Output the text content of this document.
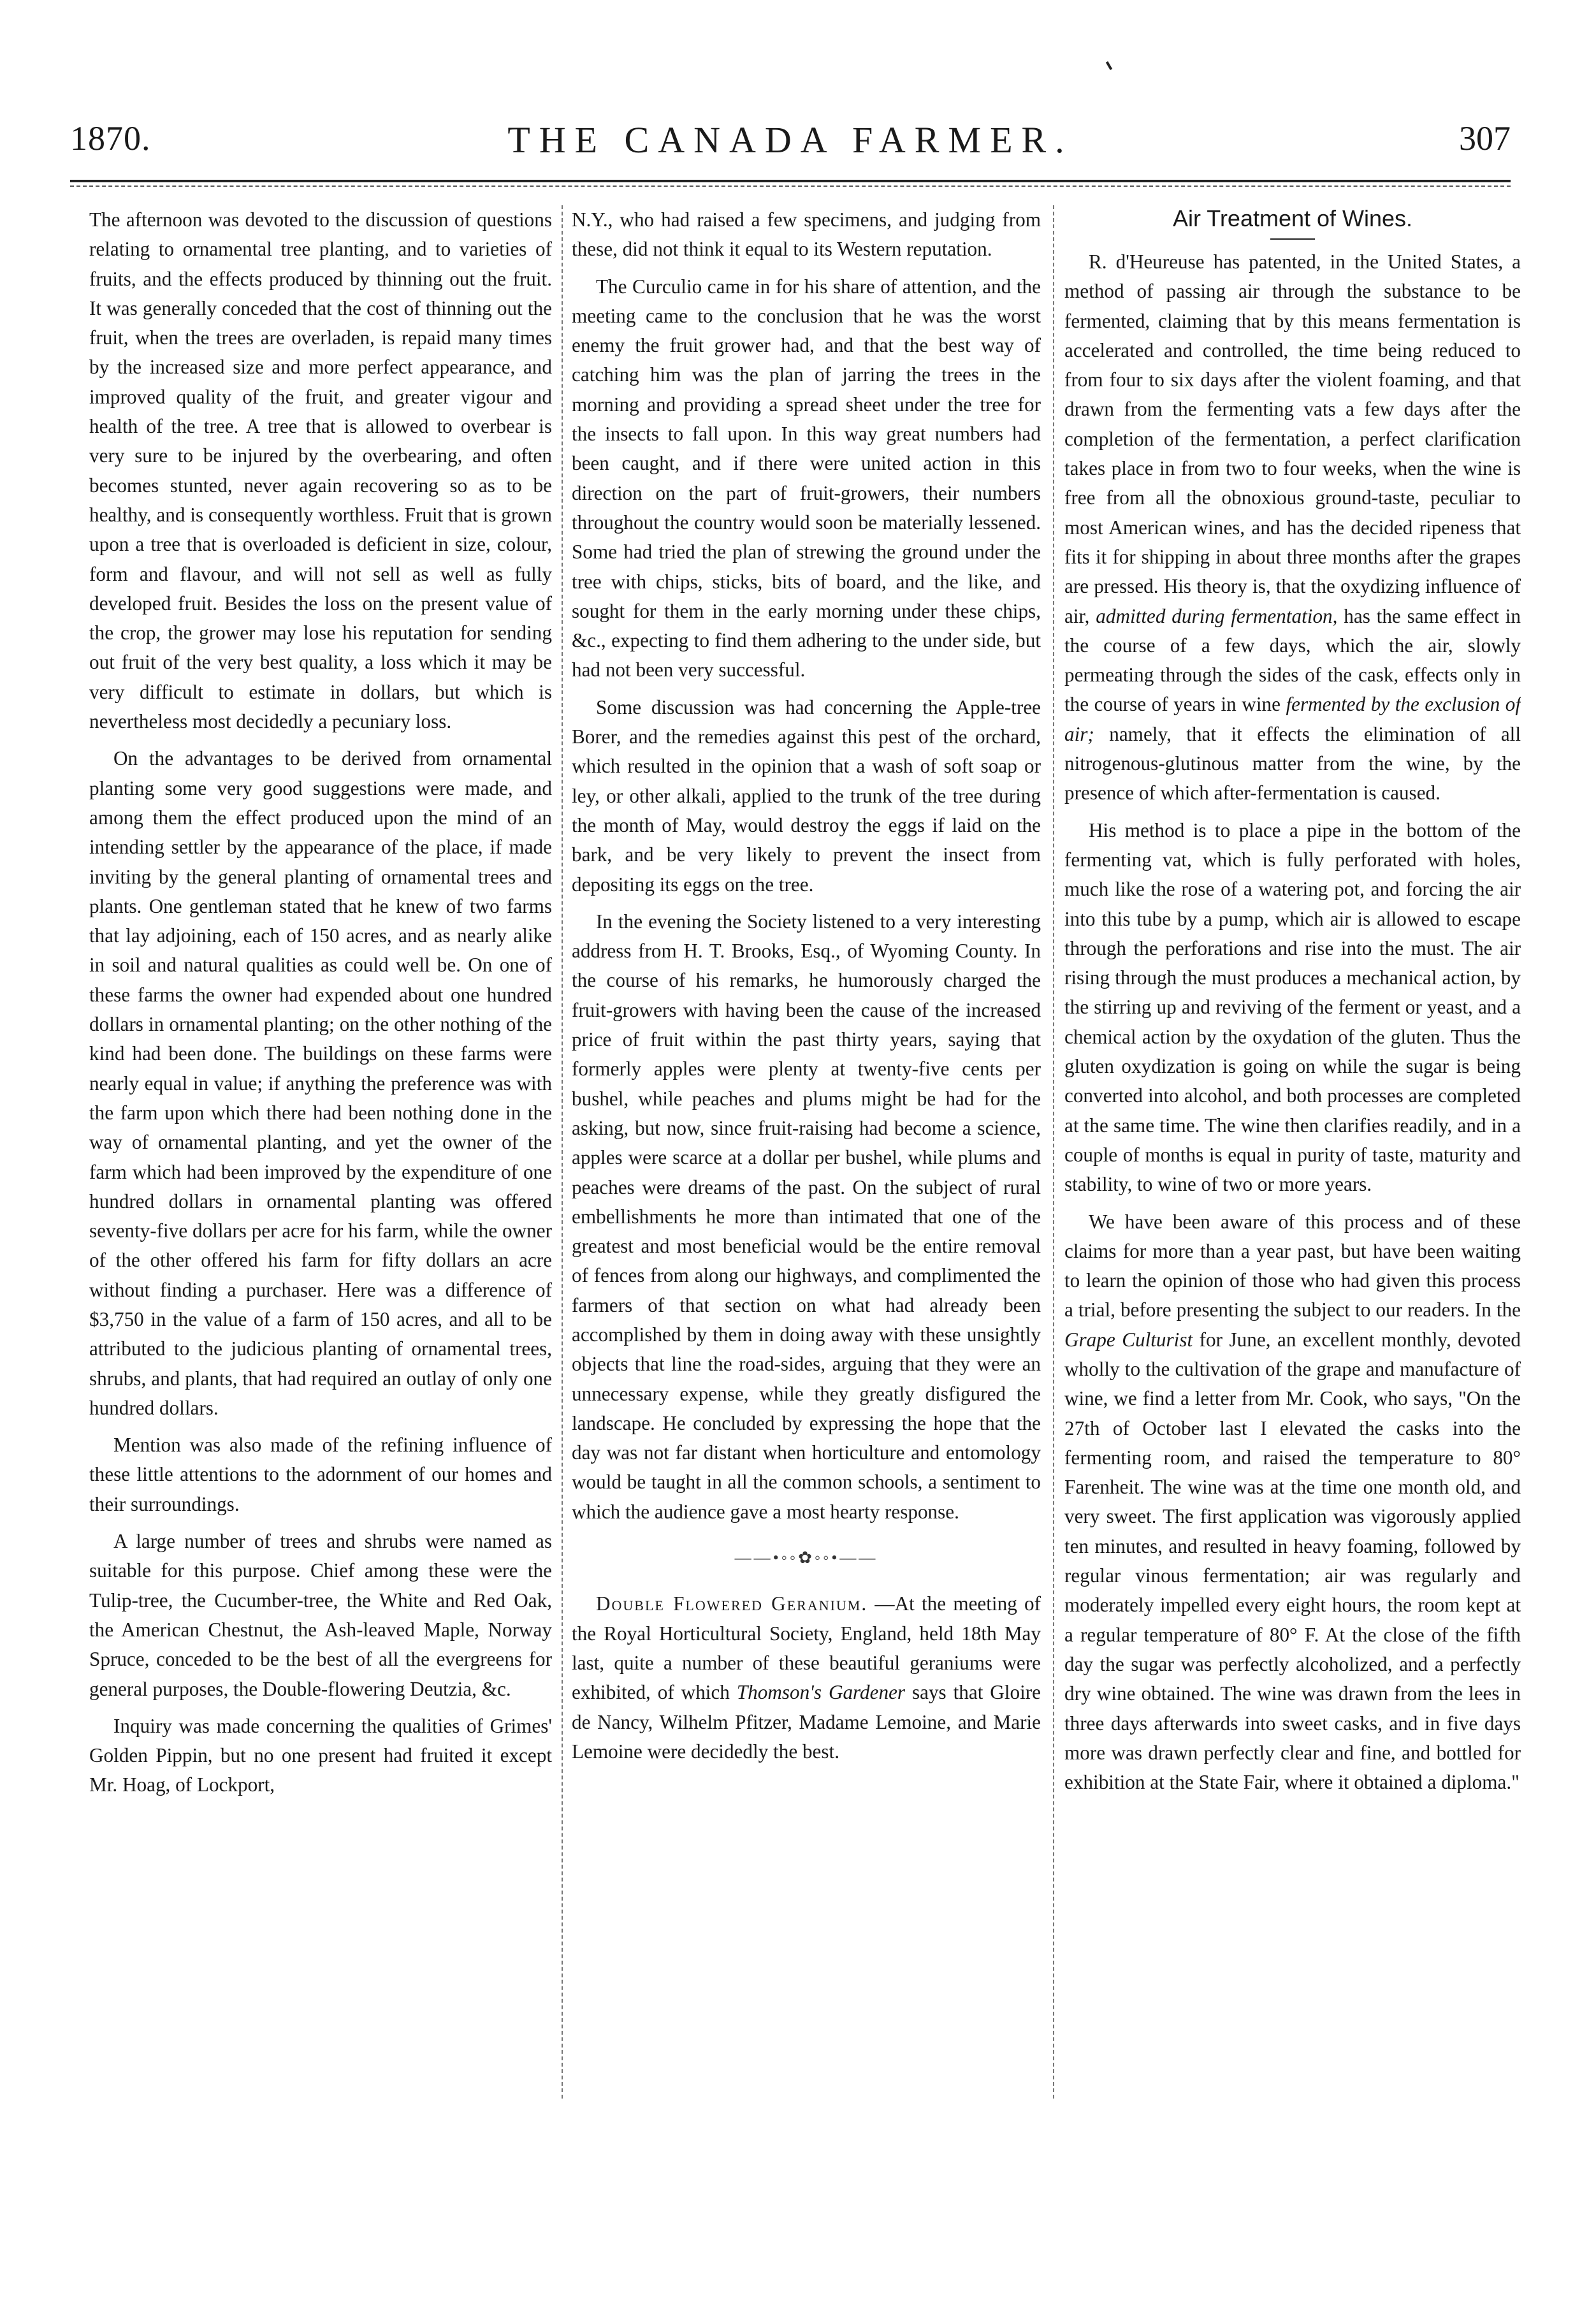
1870.	THE CANADA FARMER.	307

The afternoon was devoted to the discussion of questions relating to ornamental tree planting, and to varieties of fruits, and the effects produced by thinning out the fruit. It was generally conceded that the cost of thinning out the fruit, when the trees are overladen, is repaid many times by the increased size and more perfect appearance, and improved quality of the fruit, and greater vigour and health of the tree. A tree that is allowed to overbear is very sure to be injured by the overbearing, and often becomes stunted, never again recovering so as to be healthy, and is consequently worthless. Fruit that is grown upon a tree that is overloaded is deficient in size, colour, form and flavour, and will not sell as well as fully developed fruit. Besides the loss on the present value of the crop, the grower may lose his reputation for sending out fruit of the very best quality, a loss which it may be very difficult to estimate in dollars, but which is nevertheless most decidedly a pecuniary loss.

On the advantages to be derived from ornamental planting some very good suggestions were made, and among them the effect produced upon the mind of an intending settler by the appearance of the place, if made inviting by the general planting of ornamental trees and plants. One gentleman stated that he knew of two farms that lay adjoining, each of 150 acres, and as nearly alike in soil and natural qualities as could well be. On one of these farms the owner had expended about one hundred dollars in ornamental planting; on the other nothing of the kind had been done. The buildings on these farms were nearly equal in value; if anything the preference was with the farm upon which there had been nothing done in the way of ornamental planting, and yet the owner of the farm which had been improved by the expenditure of one hundred dollars in ornamental planting was offered seventy-five dollars per acre for his farm, while the owner of the other offered his farm for fifty dollars an acre without finding a purchaser. Here was a difference of $3,750 in the value of a farm of 150 acres, and all to be attributed to the judicious planting of ornamental trees, shrubs, and plants, that had required an outlay of only one hundred dollars.

Mention was also made of the refining influence of these little attentions to the adornment of our homes and their surroundings.

A large number of trees and shrubs were named as suitable for this purpose. Chief among these were the Tulip-tree, the Cucumber-tree, the White and Red Oak, the American Chestnut, the Ash-leaved Maple, Norway Spruce, conceded to be the best of all the evergreens for general purposes, the Double-flowering Deutzia, &c.

Inquiry was made concerning the qualities of Grimes' Golden Pippin, but no one present had fruited it except Mr. Hoag, of Lockport,

N.Y., who had raised a few specimens, and judging from these, did not think it equal to its Western reputation.

The Curculio came in for his share of attention, and the meeting came to the conclusion that he was the worst enemy the fruit grower had, and that the best way of catching him was the plan of jarring the trees in the morning and providing a spread sheet under the tree for the insects to fall upon. In this way great numbers had been caught, and if there were united action in this direction on the part of fruit-growers, their numbers throughout the country would soon be materially lessened. Some had tried the plan of strewing the ground under the tree with chips, sticks, bits of board, and the like, and sought for them in the early morning under these chips, &c., expecting to find them adhering to the under side, but had not been very successful.

Some discussion was had concerning the Apple-tree Borer, and the remedies against this pest of the orchard, which resulted in the opinion that a wash of soft soap or ley, or other alkali, applied to the trunk of the tree during the month of May, would destroy the eggs if laid on the bark, and be very likely to prevent the insect from depositing its eggs on the tree.

In the evening the Society listened to a very interesting address from H. T. Brooks, Esq., of Wyoming County. In the course of his remarks, he humorously charged the fruit-growers with having been the cause of the increased price of fruit within the past thirty years, saying that formerly apples were plenty at twenty-five cents per bushel, while peaches and plums might be had for the asking, but now, since fruit-raising had become a science, apples were scarce at a dollar per bushel, while plums and peaches were dreams of the past. On the subject of rural embellishments he more than intimated that one of the greatest and most beneficial would be the entire removal of fences from along our highways, and complimented the farmers of that section on what had already been accomplished by them in doing away with these unsightly objects that line the road-sides, arguing that they were an unnecessary expense, while they greatly disfigured the landscape. He concluded by expressing the hope that the day was not far distant when horticulture and entomology would be taught in all the common schools, a sentiment to which the audience gave a most hearty response.

——•◦◦✿◦◦•——

Double Flowered Geranium. —At the meeting of the Royal Horticultural Society, England, held 18th May last, quite a number of these beautiful geraniums were exhibited, of which Thomson's Gardener says that Gloire de Nancy, Wilhelm Pfitzer, Madame Lemoine, and Marie Lemoine were decidedly the best.

Air Treatment of Wines.

R. d'Heureuse has patented, in the United States, a method of passing air through the substance to be fermented, claiming that by this means fermentation is accelerated and controlled, the time being reduced to from four to six days after the violent foaming, and that drawn from the fermenting vats a few days after the completion of the fermentation, a perfect clarification takes place in from two to four weeks, when the wine is free from all the obnoxious ground-taste, peculiar to most American wines, and has the decided ripeness that fits it for shipping in about three months after the grapes are pressed. His theory is, that the oxydizing influence of air, admitted during fermentation, has the same effect in the course of a few days, which the air, slowly permeating through the sides of the cask, effects only in the course of years in wine fermented by the exclusion of air; namely, that it effects the elimination of all nitrogenous-glutinous matter from the wine, by the presence of which after-fermentation is caused.

His method is to place a pipe in the bottom of the fermenting vat, which is fully perforated with holes, much like the rose of a watering pot, and forcing the air into this tube by a pump, which air is allowed to escape through the perforations and rise into the must. The air rising through the must produces a mechanical action, by the stirring up and reviving of the ferment or yeast, and a chemical action by the oxydation of the gluten. Thus the gluten oxydization is going on while the sugar is being converted into alcohol, and both processes are completed at the same time. The wine then clarifies readily, and in a couple of months is equal in purity of taste, maturity and stability, to wine of two or more years.

We have been aware of this process and of these claims for more than a year past, but have been waiting to learn the opinion of those who had given this process a trial, before presenting the subject to our readers. In the Grape Culturist for June, an excellent monthly, devoted wholly to the cultivation of the grape and manufacture of wine, we find a letter from Mr. Cook, who says, "On the 27th of October last I elevated the casks into the fermenting room, and raised the temperature to 80° Farenheit. The wine was at the time one month old, and very sweet. The first application was vigorously applied ten minutes, and resulted in heavy foaming, followed by regular vinous fermentation; air was regularly and moderately impelled every eight hours, the room kept at a regular temperature of 80° F. At the close of the fifth day the sugar was perfectly alcoholized, and a perfectly dry wine obtained. The wine was drawn from the lees in three days afterwards into sweet casks, and in five days more was drawn perfectly clear and fine, and bottled for exhibition at the State Fair, where it obtained a diploma."
